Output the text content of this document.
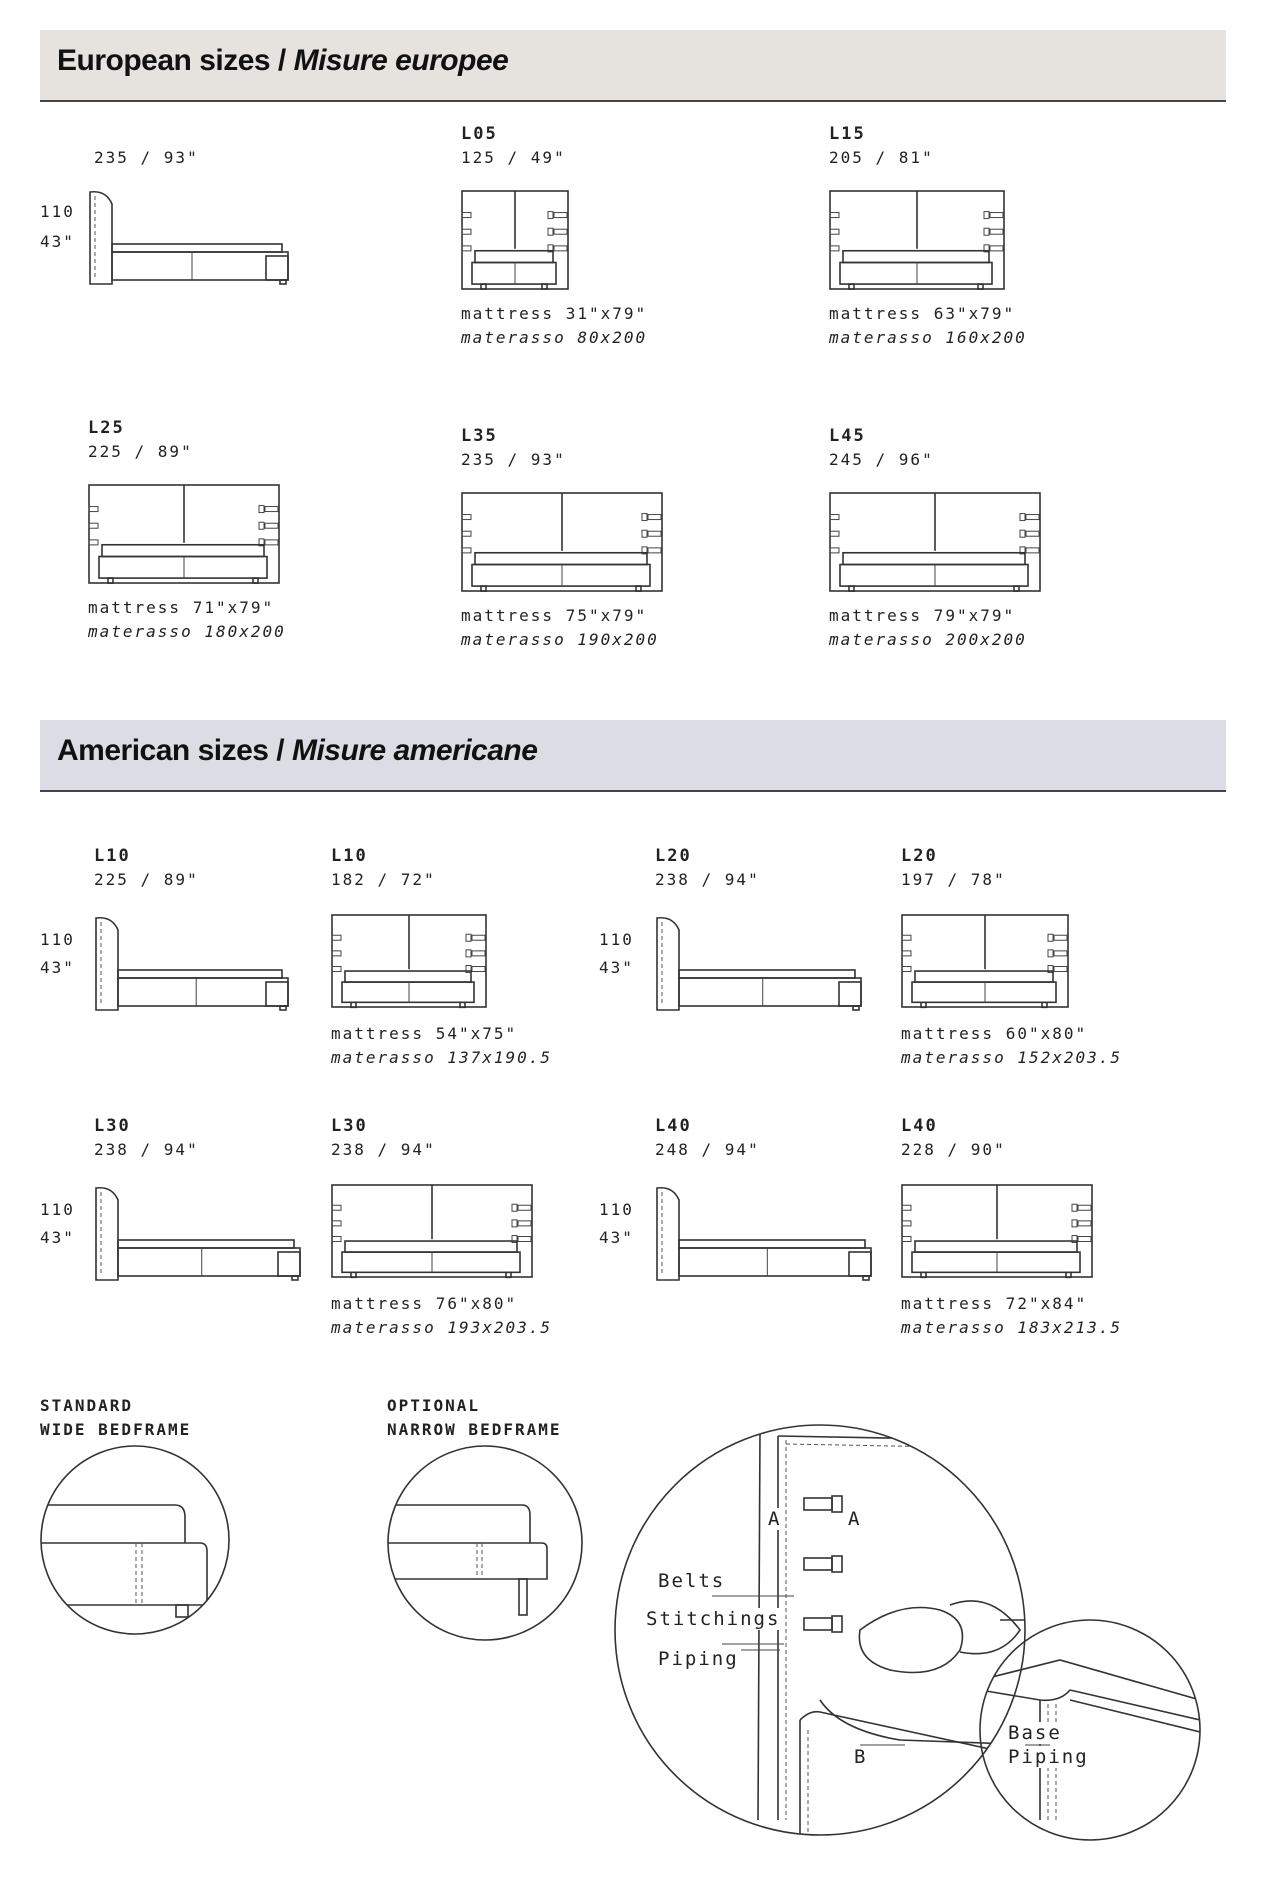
European sizes / Misure europee
235 / 93"
110
43"
L05
125 / 49"
mattress 31"x79"
materasso 80x200
L15
205 / 81"
mattress 63"x79"
materasso 160x200
L25
225 / 89"
mattress 71"x79"
materasso 180x200
L35
235 / 93"
mattress 75"x79"
materasso 190x200
L45
245 / 96"
mattress 79"x79"
materasso 200x200
American sizes / Misure americane
L10
225 / 89"
110
43"
L20
238 / 94"
110
43"
L30
238 / 94"
110
43"
L40
248 / 94"
110
43"
L10
182 / 72"
mattress 54"x75"
materasso 137x190.5
L20
197 / 78"
mattress 60"x80"
materasso 152x203.5
L30
238 / 94"
mattress 76"x80"
materasso 193x203.5
L40
228 / 90"
mattress 72"x84"
materasso 183x213.5
STANDARD
WIDE BEDFRAME
OPTIONAL
NARROW BEDFRAME
A	A
Belts
Stitchings
Piping
B
Base
Piping
